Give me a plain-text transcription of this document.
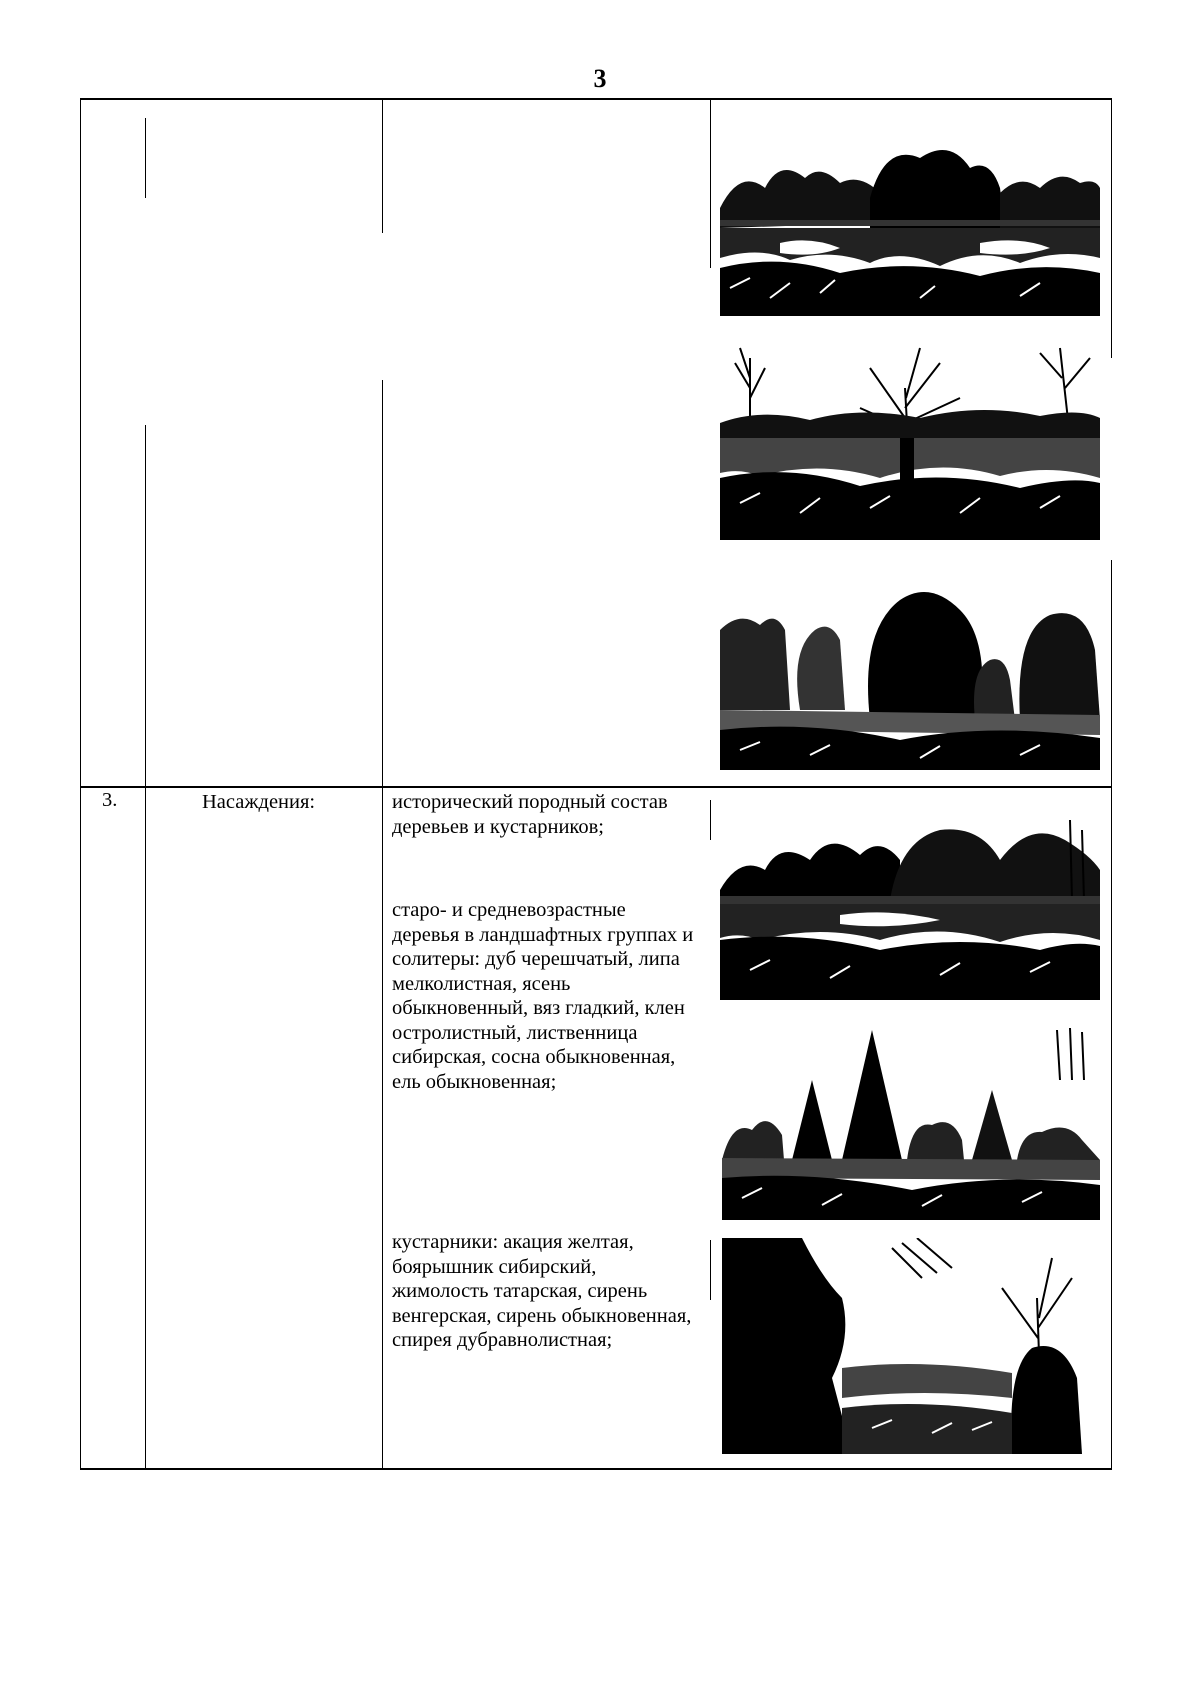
3
3.	Насаждения:	исторический породный состав деревьев и кустарников;
старо- и средневозрастные деревья в ландшафтных группах и солитеры: дуб черешчатый, липа мелколистная, ясень обыкновенный, вяз гладкий, клен остролистный, лиственница сибирская, сосна обыкновенная, ель обыкновенная;
кустарники: акация желтая, боярышник сибирский, жимолость татарская, сирень венгерская, сирень обыкновенная, спирея дубравнолистная;
